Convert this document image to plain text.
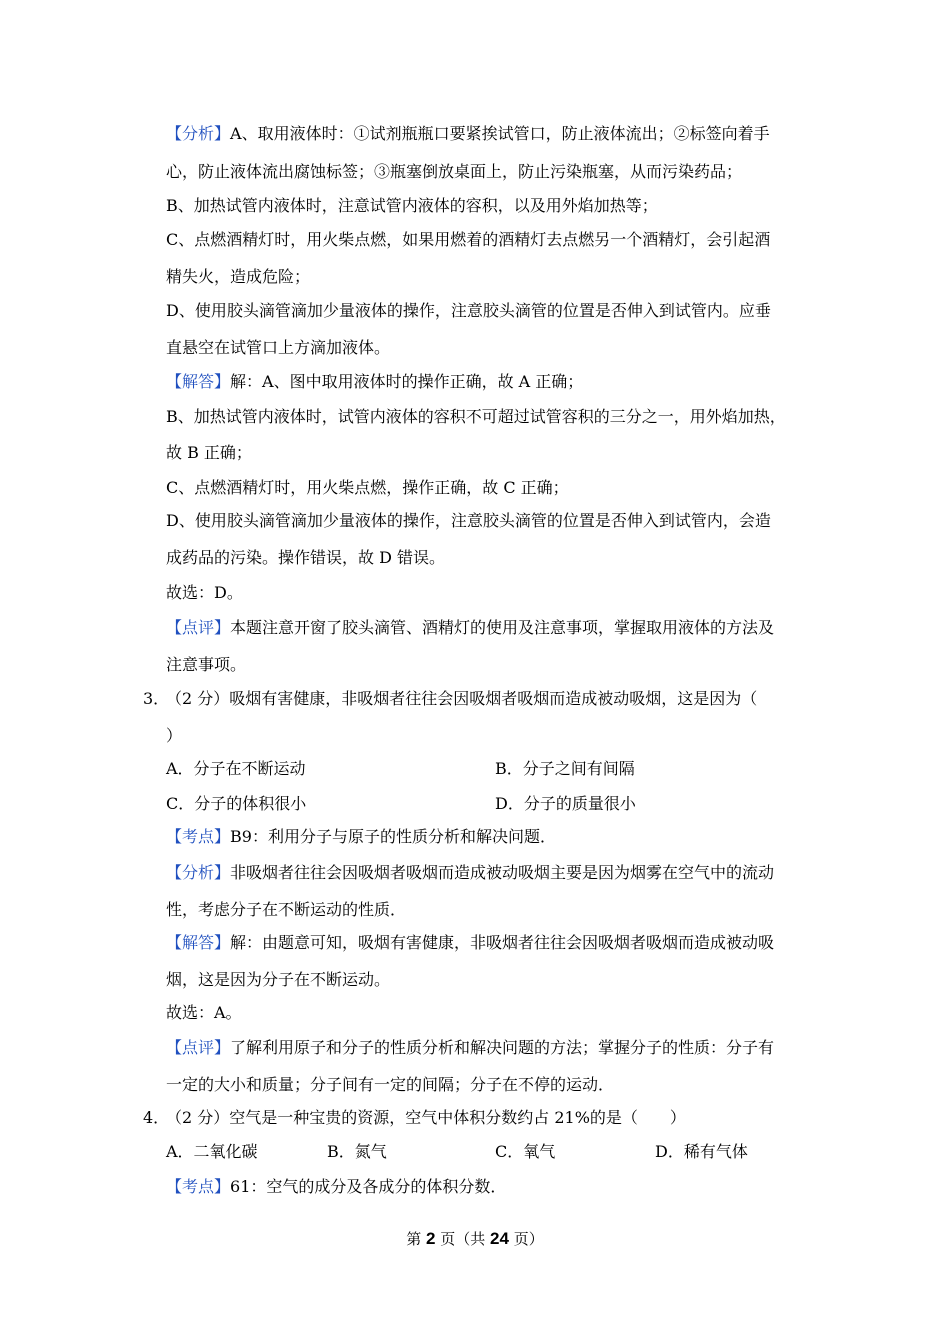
【分析】A、取用液体时：①试剂瓶瓶口要紧挨试管口，防止液体流出；②标签向着手
心，防止液体流出腐蚀标签；③瓶塞倒放桌面上，防止污染瓶塞，从而污染药品；
B、加热试管内液体时，注意试管内液体的容积，以及用外焰加热等；
C、点燃酒精灯时，用火柴点燃，如果用燃着的酒精灯去点燃另一个酒精灯，会引起酒
精失火，造成危险；
D、使用胶头滴管滴加少量液体的操作，注意胶头滴管的位置是否伸入到试管内。应垂
直悬空在试管口上方滴加液体。
【解答】解：A、图中取用液体时的操作正确，故 A 正确；
B、加热试管内液体时，试管内液体的容积不可超过试管容积的三分之一，用外焰加热，
故 B 正确；
C、点燃酒精灯时，用火柴点燃，操作正确，故 C 正确；
D、使用胶头滴管滴加少量液体的操作，注意胶头滴管的位置是否伸入到试管内，会造
成药品的污染。操作错误，故 D 错误。
故选：D。
【点评】本题注意开窗了胶头滴管、酒精灯的使用及注意事项，掌握取用液体的方法及
注意事项。
3．
（2 分）吸烟有害健康，非吸烟者往往会因吸烟者吸烟而造成被动吸烟，这是因为（
）
A．分子在不断运动	B．分子之间有间隔
C．分子的体积很小	D．分子的质量很小
【考点】B9：利用分子与原子的性质分析和解决问题．
【分析】非吸烟者往往会因吸烟者吸烟而造成被动吸烟主要是因为烟雾在空气中的流动
性，考虑分子在不断运动的性质．
【解答】解：由题意可知，吸烟有害健康，非吸烟者往往会因吸烟者吸烟而造成被动吸
烟，这是因为分子在不断运动。
故选：A。
【点评】了解利用原子和分子的性质分析和解决问题的方法；掌握分子的性质：分子有
一定的大小和质量；分子间有一定的间隔；分子在不停的运动．
4．
（2 分）空气是一种宝贵的资源，空气中体积分数约占 21%的是（　　）
A．二氧化碳	B．氮气	C．氧气	D．稀有气体
【考点】61：空气的成分及各成分的体积分数．
第 2 页（共 24 页）
